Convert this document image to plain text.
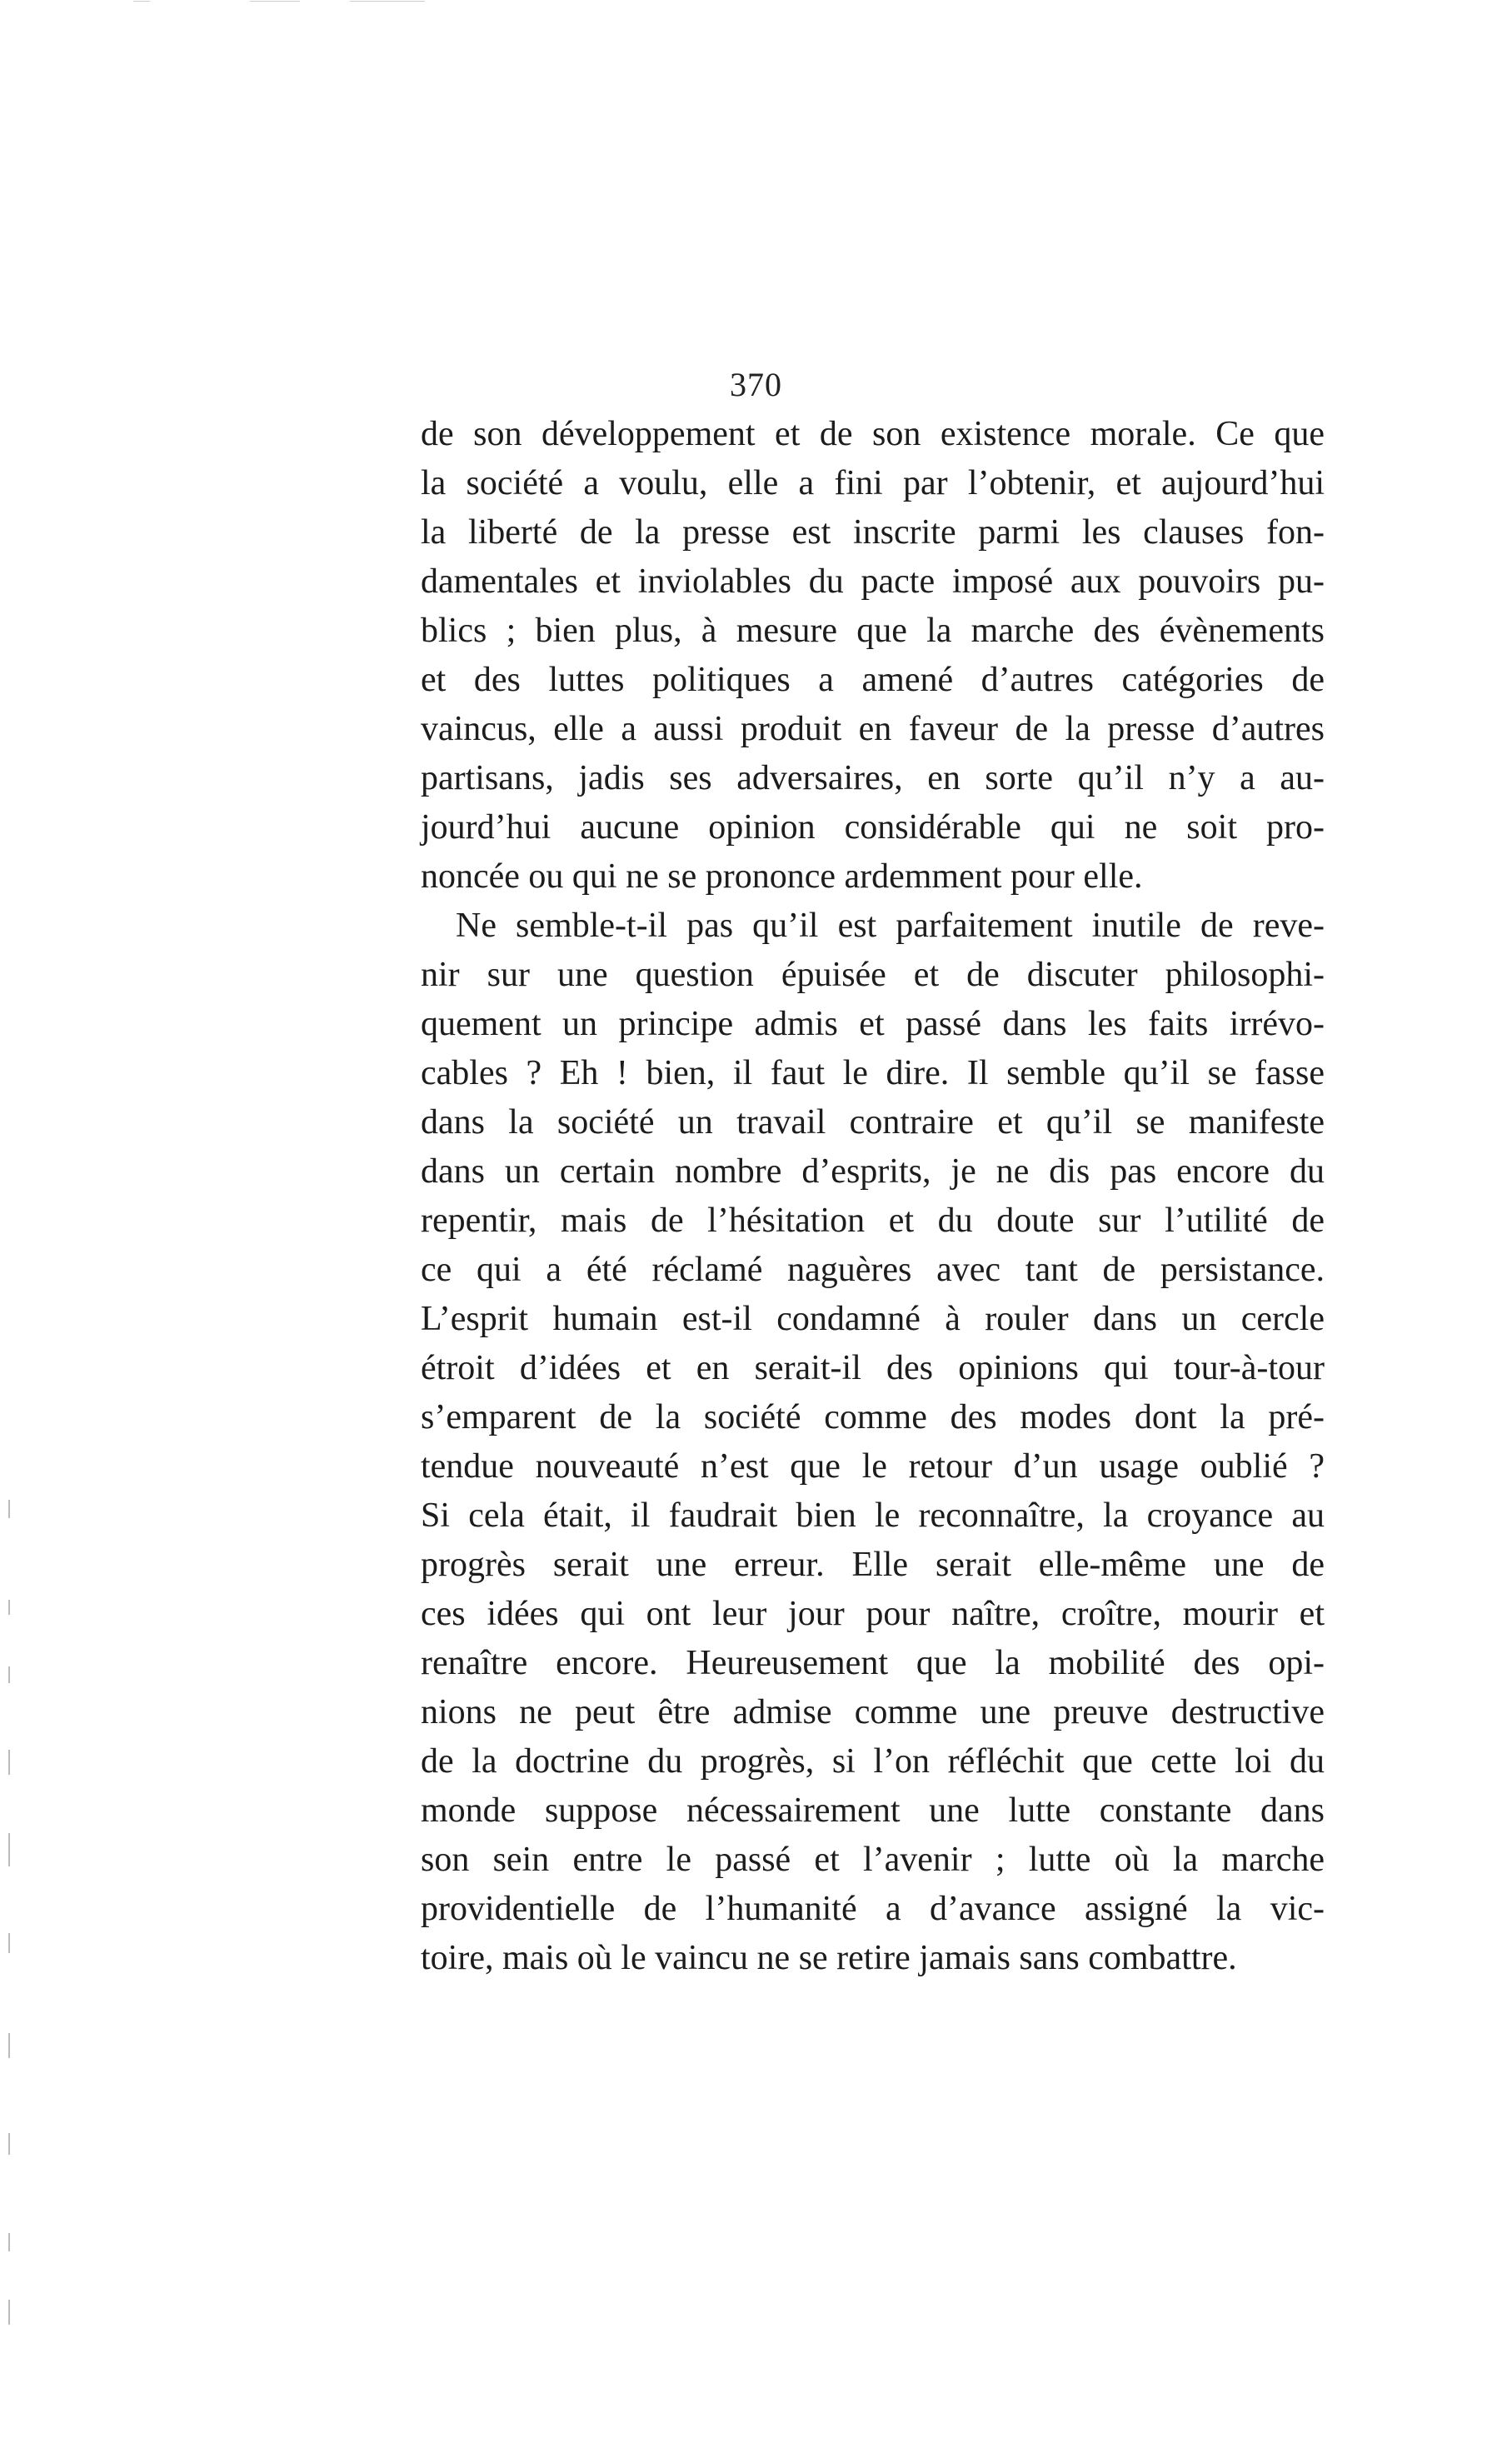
370
de son développement et de son existence morale. Ce que
la société a voulu, elle a fini par l’obtenir, et aujourd’hui
la liberté de la presse est inscrite parmi les clauses fon-
damentales et inviolables du pacte imposé aux pouvoirs pu-
blics ; bien plus, à mesure que la marche des évènements
et des luttes politiques a amené d’autres catégories de
vaincus, elle a aussi produit en faveur de la presse d’autres
partisans, jadis ses adversaires, en sorte qu’il n’y a au-
jourd’hui aucune opinion considérable qui ne soit pro-
noncée ou qui ne se prononce ardemment pour elle.
Ne semble-t-il pas qu’il est parfaitement inutile de reve-
nir sur une question épuisée et de discuter philosophi-
quement un principe admis et passé dans les faits irrévo-
cables ? Eh ! bien, il faut le dire. Il semble qu’il se fasse
dans la société un travail contraire et qu’il se manifeste
dans un certain nombre d’esprits, je ne dis pas encore du
repentir, mais de l’hésitation et du doute sur l’utilité de
ce qui a été réclamé naguères avec tant de persistance.
L’esprit humain est-il condamné à rouler dans un cercle
étroit d’idées et en serait-il des opinions qui tour-à-tour
s’emparent de la société comme des modes dont la pré-
tendue nouveauté n’est que le retour d’un usage oublié ?
Si cela était, il faudrait bien le reconnaître, la croyance au
progrès serait une erreur. Elle serait elle-même une de
ces idées qui ont leur jour pour naître, croître, mourir et
renaître encore. Heureusement que la mobilité des opi-
nions ne peut être admise comme une preuve destructive
de la doctrine du progrès, si l’on réfléchit que cette loi du
monde suppose nécessairement une lutte constante dans
son sein entre le passé et l’avenir ; lutte où la marche
providentielle de l’humanité a d’avance assigné la vic-
toire, mais où le vaincu ne se retire jamais sans combattre.
